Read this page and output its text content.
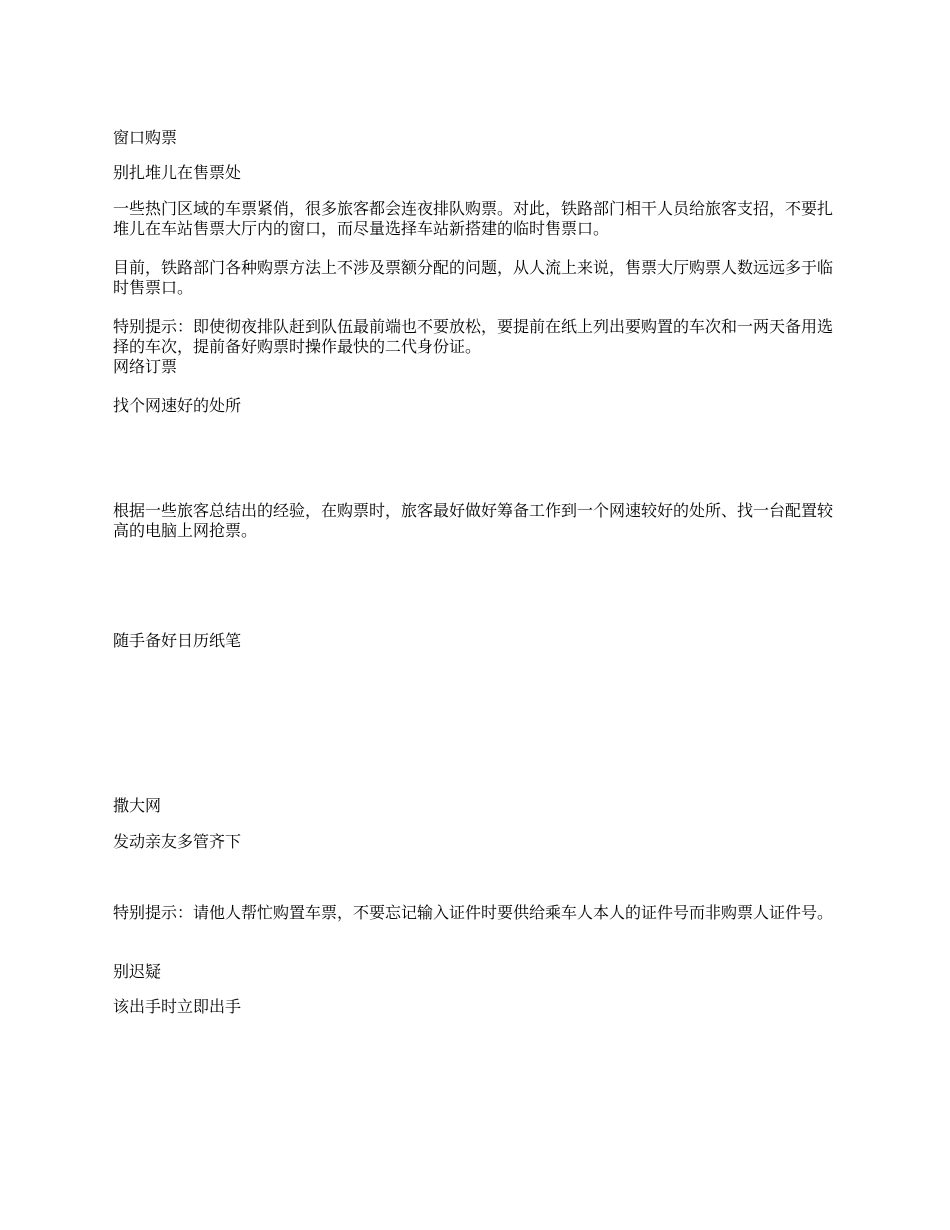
窗口购票

别扎堆儿在售票处

一些热门区域的车票紧俏，很多旅客都会连夜排队购票。对此，铁路部门相干人员给旅客支招，不要扎堆儿在车站售票大厅内的窗口，而尽量选择车站新搭建的临时售票口。

目前，铁路部门各种购票方法上不涉及票额分配的问题，从人流上来说，售票大厅购票人数远远多于临时售票口。

特别提示：即使彻夜排队赶到队伍最前端也不要放松，要提前在纸上列出要购置的车次和一两天备用选择的车次，提前备好购票时操作最快的二代身份证。

网络订票

找个网速好的处所

根据一些旅客总结出的经验，在购票时，旅客最好做好筹备工作到一个网速较好的处所、找一台配置较高的电脑上网抢票。

随手备好日历纸笔

撒大网

发动亲友多管齐下

特别提示：请他人帮忙购置车票，不要忘记输入证件时要供给乘车人本人的证件号而非购票人证件号。

别迟疑

该出手时立即出手
